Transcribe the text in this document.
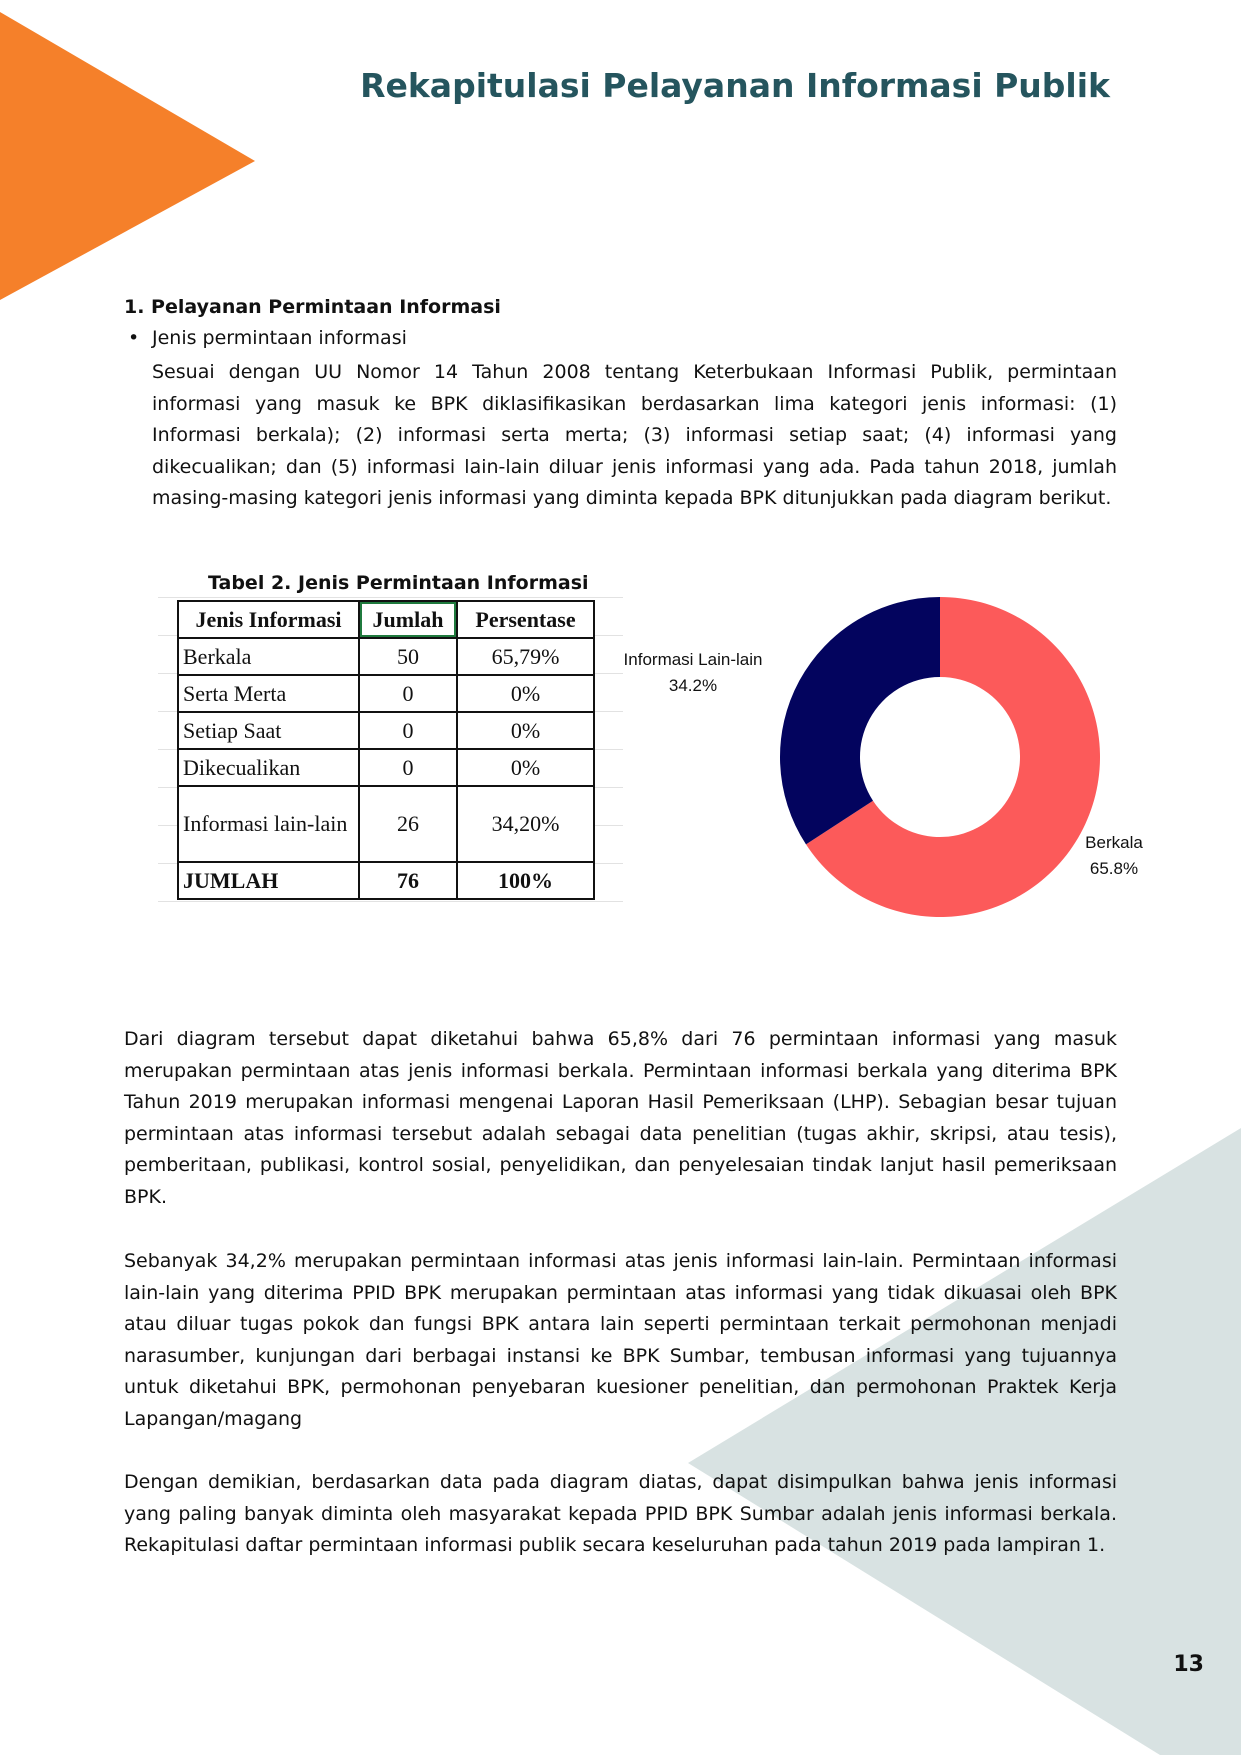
Rekapitulasi Pelayanan Informasi Publik
1. Pelayanan Permintaan Informasi
• Jenis permintaan informasi

Sesuai dengan UU Nomor 14 Tahun 2008 tentang Keterbukaan Informasi Publik, permintaan informasi yang masuk ke BPK diklasifikasikan berdasarkan lima kategori jenis informasi: (1) Informasi berkala); (2) informasi serta merta; (3) informasi setiap saat; (4) informasi yang dikecualikan; dan (5) informasi lain-lain diluar jenis informasi yang ada. Pada tahun 2018, jumlah masing-masing kategori jenis informasi yang diminta kepada BPK ditunjukkan pada diagram berikut.

Tabel 2. Jenis Permintaan Informasi
Jenis Informasi	Jumlah	Persentase
Berkala	50	65,79%
Serta Merta	0	0%
Setiap Saat	0	0%
Dikecualikan	0	0%
Informasi lain-lain	26	34,20%
JUMLAH	76	100%
Berkala
65.8%
Informasi Lain-lain
34.2%

Dari diagram tersebut dapat diketahui bahwa 65,8% dari 76 permintaan informasi yang masuk merupakan permintaan atas jenis informasi berkala. Permintaan informasi berkala yang diterima BPK Tahun 2019 merupakan informasi mengenai Laporan Hasil Pemeriksaan (LHP). Sebagian besar tujuan permintaan atas informasi tersebut adalah sebagai data penelitian (tugas akhir, skripsi, atau tesis), pemberitaan, publikasi, kontrol sosial, penyelidikan, dan penyelesaian tindak lanjut hasil pemeriksaan BPK.

Sebanyak 34,2% merupakan permintaan informasi atas jenis informasi lain-lain. Permintaan informasi lain-lain yang diterima PPID BPK merupakan permintaan atas informasi yang tidak dikuasai oleh BPK atau diluar tugas pokok dan fungsi BPK antara lain seperti permintaan terkait permohonan menjadi narasumber, kunjungan dari berbagai instansi ke BPK Sumbar, tembusan informasi yang tujuannya untuk diketahui BPK, permohonan penyebaran kuesioner penelitian, dan permohonan Praktek Kerja Lapangan/magang

Dengan demikian, berdasarkan data pada diagram diatas, dapat disimpulkan bahwa jenis informasi yang paling banyak diminta oleh masyarakat kepada PPID BPK Sumbar adalah jenis informasi berkala. Rekapitulasi daftar permintaan informasi publik secara keseluruhan pada tahun 2019 pada lampiran 1.

13
